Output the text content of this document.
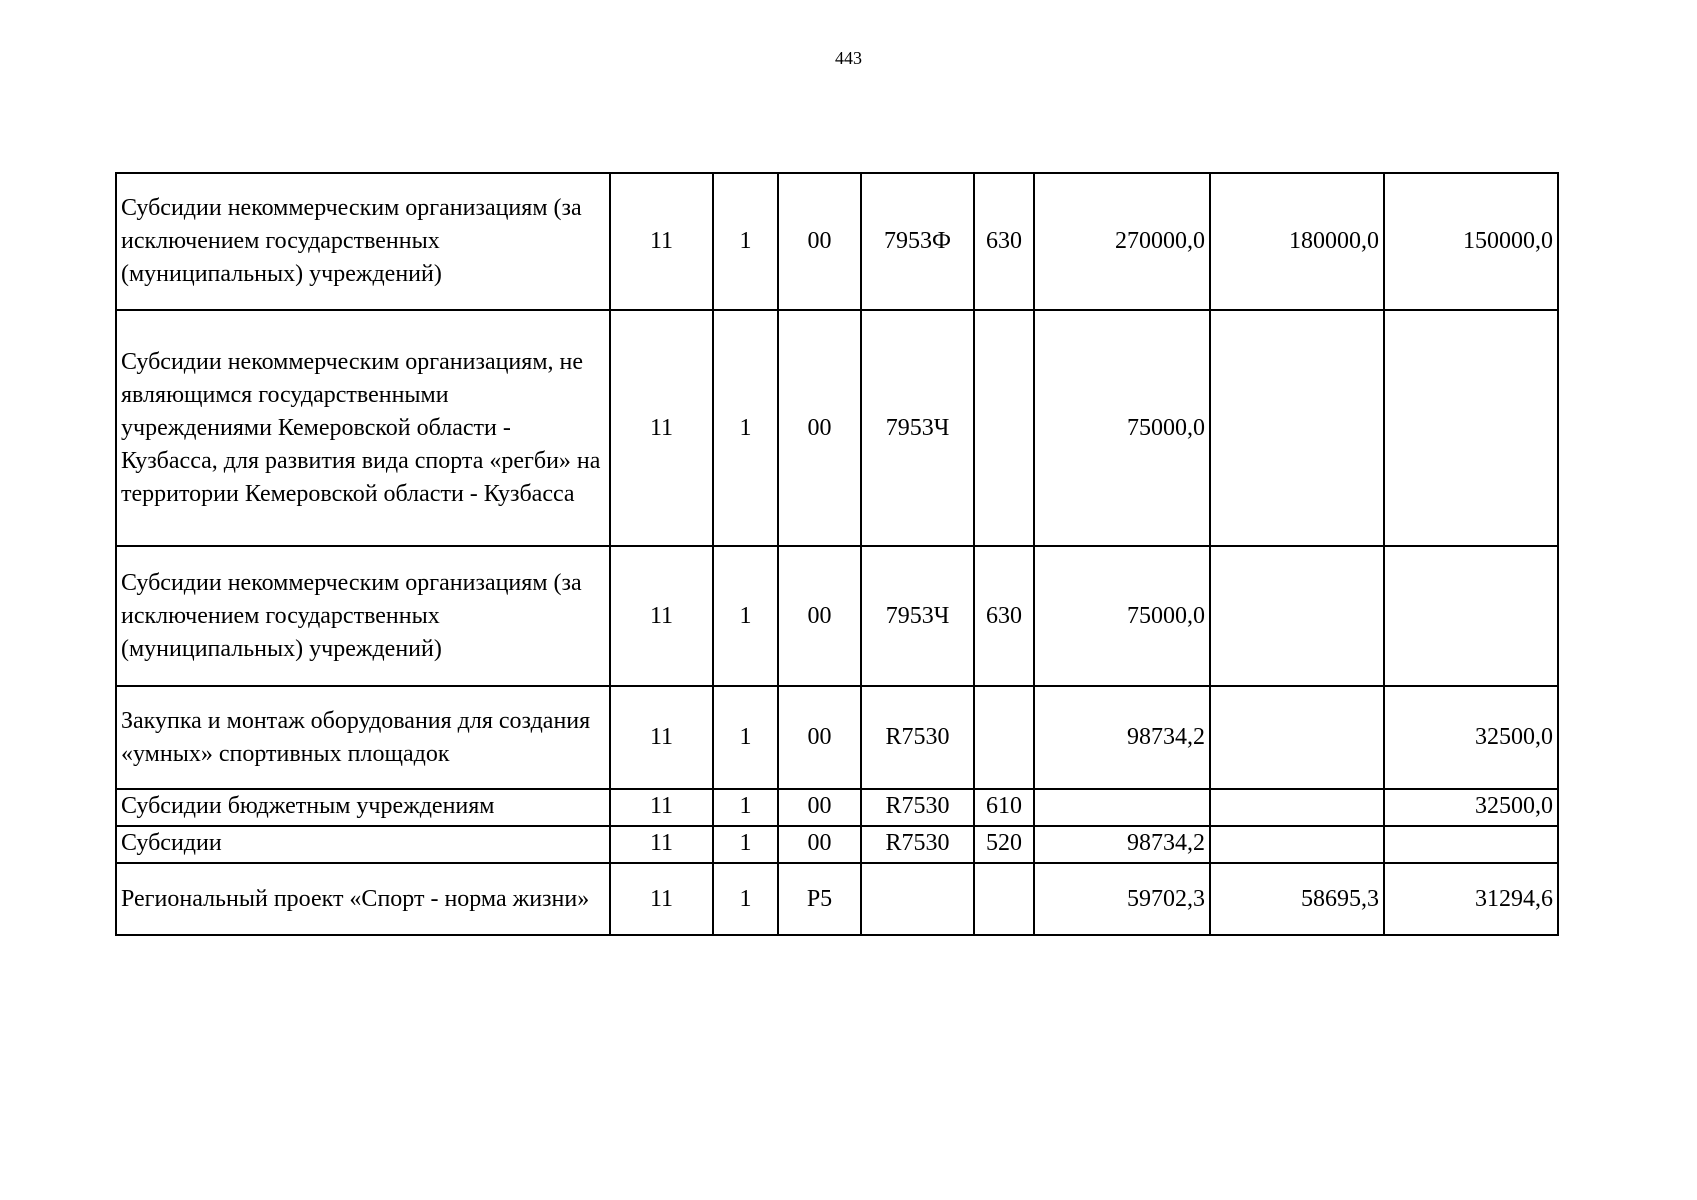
443
Субсидии некоммерческим организациям (за исключением государственных (муниципальных) учреждений)	11	1	00	7953Ф	630	270000,0	180000,0	150000,0
Субсидии некоммерческим организациям, не являющимся государственными учреждениями Кемеровской области - Кузбасса, для развития вида спорта «регби» на территории Кемеровской области - Кузбасса	11	1	00	7953Ч		75000,0		
Субсидии некоммерческим организациям (за исключением государственных (муниципальных) учреждений)	11	1	00	7953Ч	630	75000,0		
Закупка и монтаж оборудования для создания «умных» спортивных площадок	11	1	00	R7530		98734,2		32500,0
Субсидии бюджетным учреждениям	11	1	00	R7530	610			32500,0
Субсидии	11	1	00	R7530	520	98734,2		
Региональный проект «Спорт - норма жизни»	11	1	P5			59702,3	58695,3	31294,6
